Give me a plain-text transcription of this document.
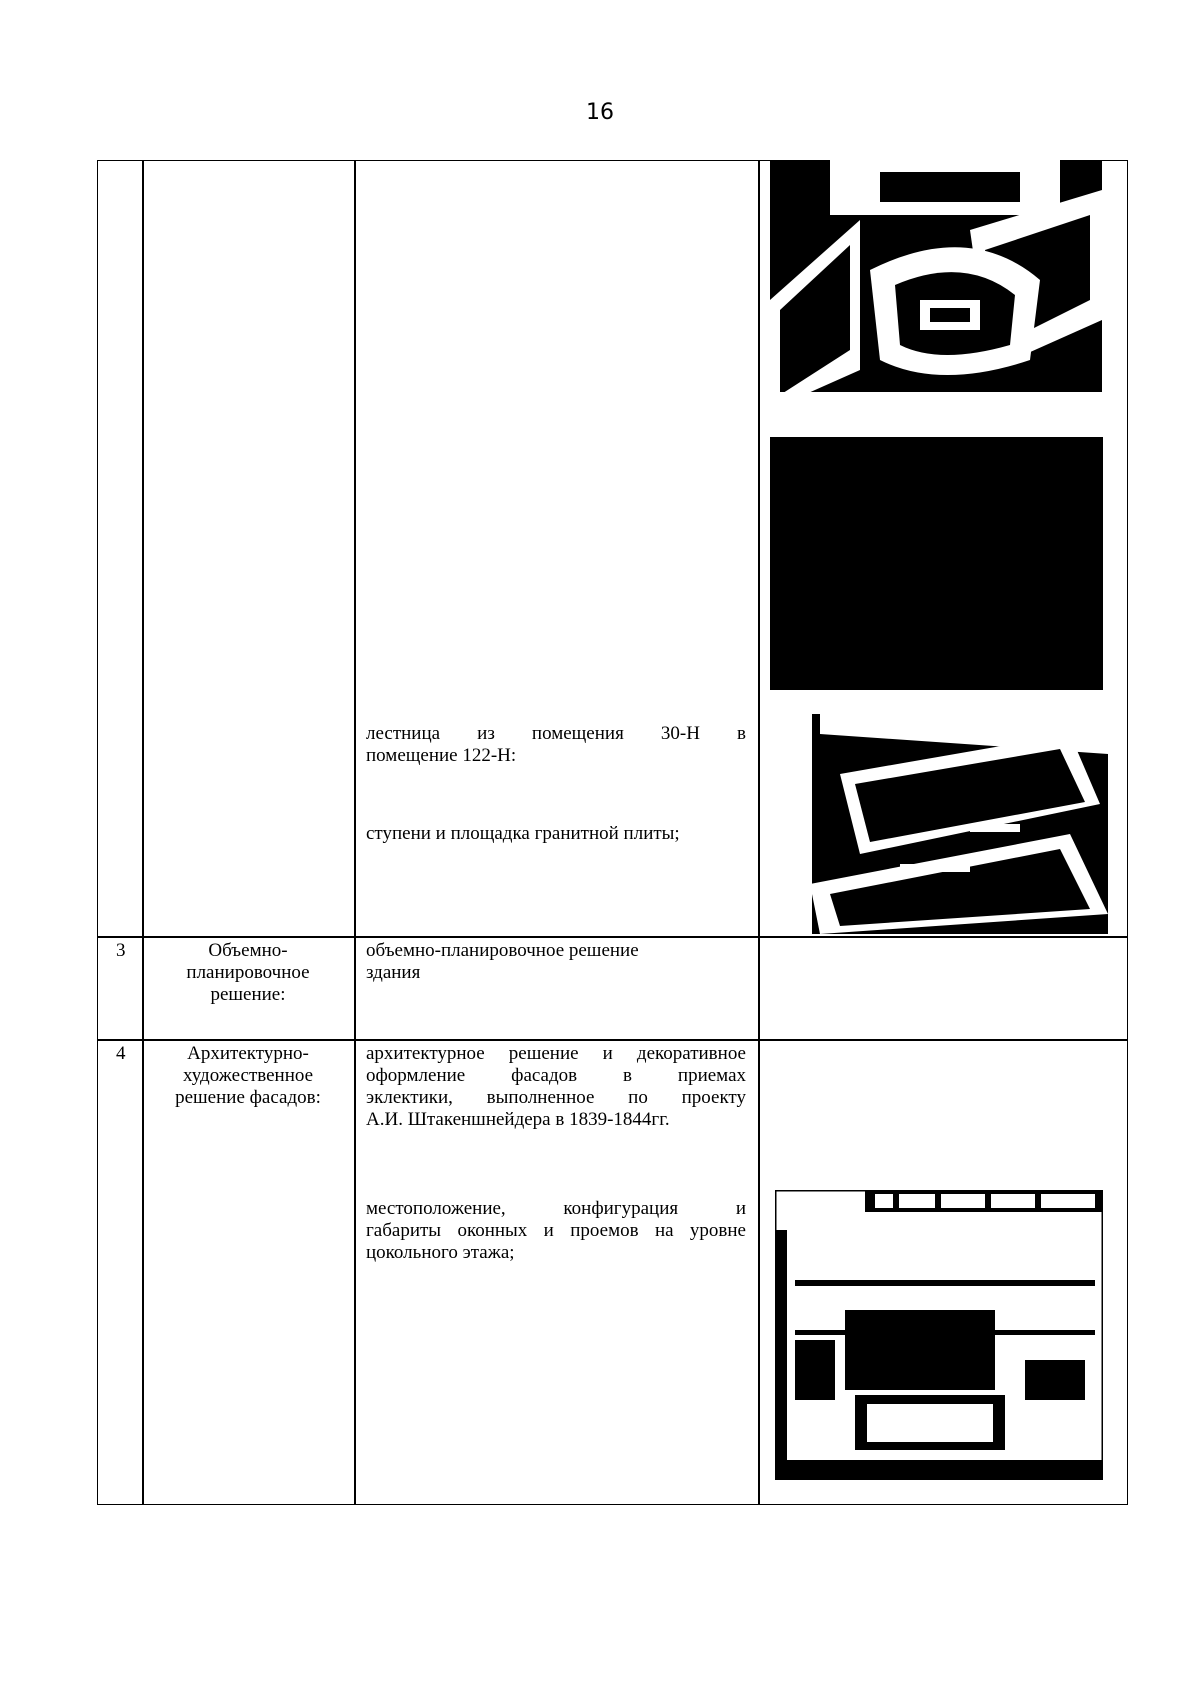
16
лестница из помещения 30-Н в
помещение 122-Н:
ступени и площадка гранитной плиты;
3	Объемно-
планировочное
решение:
объемно-планировочное решение
здания
4	Архитектурно-
художественное
решение фасадов:
архитектурное решение и декоративное
оформление фасадов в приемах
эклектики, выполненное по проекту
А.И. Штакеншнейдера в 1839-1844гг.
местоположение, конфигурация и
габариты оконных и проемов на уровне
цокольного этажа;
